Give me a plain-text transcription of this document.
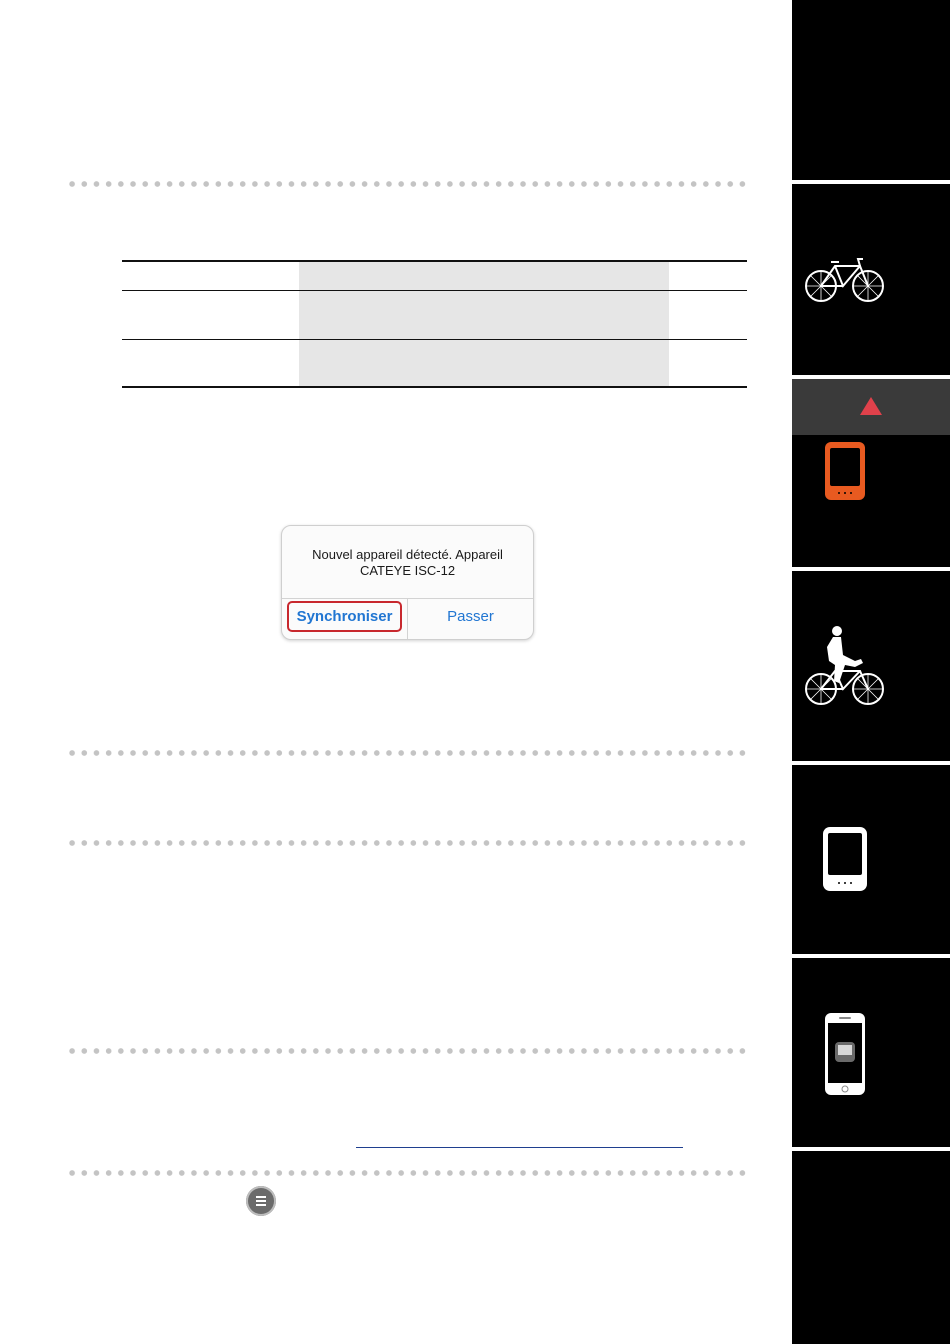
Nouvel appareil détecté. Appareil
CATEYE ISC-12
Synchroniser	Passer
